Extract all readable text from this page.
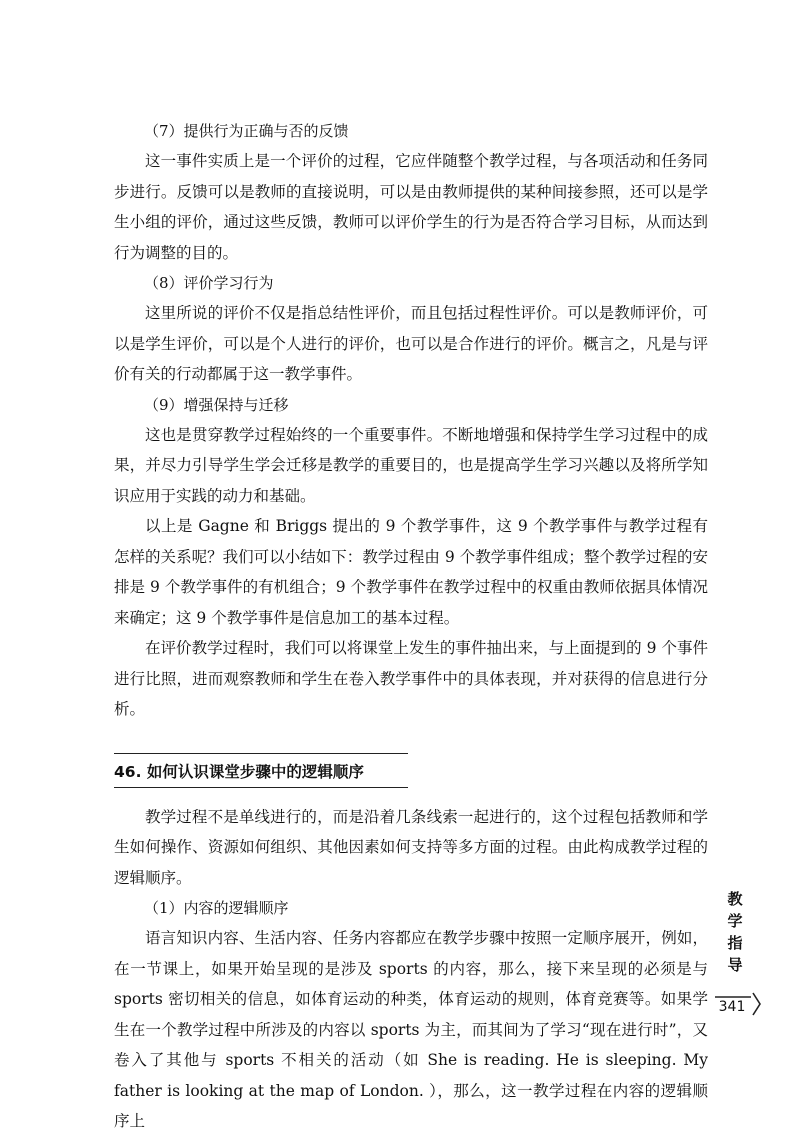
（7）提供行为正确与否的反馈

这一事件实质上是一个评价的过程，它应伴随整个教学过程，与各项活动和任务同步进行。反馈可以是教师的直接说明，可以是由教师提供的某种间接参照，还可以是学生小组的评价，通过这些反馈，教师可以评价学生的行为是否符合学习目标，从而达到行为调整的目的。

（8）评价学习行为

这里所说的评价不仅是指总结性评价，而且包括过程性评价。可以是教师评价，可以是学生评价，可以是个人进行的评价，也可以是合作进行的评价。概言之，凡是与评价有关的行动都属于这一教学事件。

（9）增强保持与迁移

这也是贯穿教学过程始终的一个重要事件。不断地增强和保持学生学习过程中的成果，并尽力引导学生学会迁移是教学的重要目的，也是提高学生学习兴趣以及将所学知识应用于实践的动力和基础。

以上是 Gagne 和 Briggs 提出的 9 个教学事件，这 9 个教学事件与教学过程有怎样的关系呢？我们可以小结如下：教学过程由 9 个教学事件组成；整个教学过程的安排是 9 个教学事件的有机组合；9 个教学事件在教学过程中的权重由教师依据具体情况来确定；这 9 个教学事件是信息加工的基本过程。

在评价教学过程时，我们可以将课堂上发生的事件抽出来，与上面提到的 9 个事件进行比照，进而观察教师和学生在卷入教学事件中的具体表现，并对获得的信息进行分析。

46. 如何认识课堂步骤中的逻辑顺序

教学过程不是单线进行的，而是沿着几条线索一起进行的，这个过程包括教师和学生如何操作、资源如何组织、其他因素如何支持等多方面的过程。由此构成教学过程的逻辑顺序。

（1）内容的逻辑顺序

语言知识内容、生活内容、任务内容都应在教学步骤中按照一定顺序展开，例如，在一节课上，如果开始呈现的是涉及 sports 的内容，那么，接下来呈现的必须是与 sports 密切相关的信息，如体育运动的种类，体育运动的规则，体育竞赛等。如果学生在一个教学过程中所涉及的内容以 sports 为主，而其间为了学习“现在进行时”，又卷入了其他与 sports 不相关的活动（如 She is reading. He is sleeping. My father is looking at the map of London. ），那么，这一教学过程在内容的逻辑顺序上

教
学
指
导
341
